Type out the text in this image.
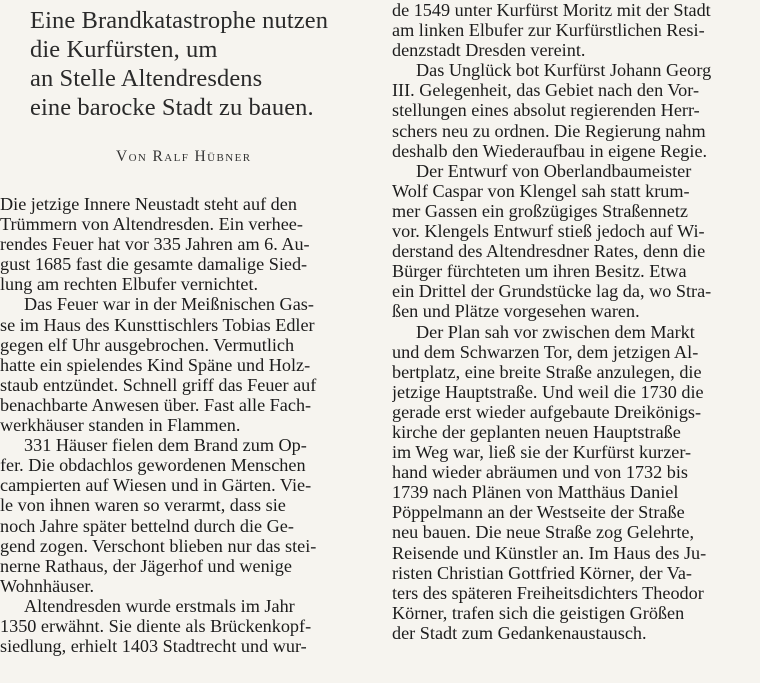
Eine Brandkatastrophe nutzen
die Kurfürsten, um
an Stelle Altendresdens
eine barocke Stadt zu bauen.
Von Ralf Hübner
Die jetzige Innere Neustadt steht auf den
Trümmern von Altendresden. Ein verhee-
rendes Feuer hat vor 335 Jahren am 6. Au-
gust 1685 fast die gesamte damalige Sied-
lung am rechten Elbufer vernichtet.
Das Feuer war in der Meißnischen Gas-
se im Haus des Kunsttischlers Tobias Edler
gegen elf Uhr ausgebrochen. Vermutlich
hatte ein spielendes Kind Späne und Holz-
staub entzündet. Schnell griff das Feuer auf
benachbarte Anwesen über. Fast alle Fach-
werkhäuser standen in Flammen.
331 Häuser fielen dem Brand zum Op-
fer. Die obdachlos gewordenen Menschen
campierten auf Wiesen und in Gärten. Vie-
le von ihnen waren so verarmt, dass sie
noch Jahre später bettelnd durch die Ge-
gend zogen. Verschont blieben nur das stei-
nerne Rathaus, der Jägerhof und wenige
Wohnhäuser.
Altendresden wurde erstmals im Jahr
1350 erwähnt. Sie diente als Brückenkopf-
siedlung, erhielt 1403 Stadtrecht und wur-
de 1549 unter Kurfürst Moritz mit der Stadt
am linken Elbufer zur Kurfürstlichen Resi-
denzstadt Dresden vereint.
Das Unglück bot Kurfürst Johann Georg
III. Gelegenheit, das Gebiet nach den Vor-
stellungen eines absolut regierenden Herr-
schers neu zu ordnen. Die Regierung nahm
deshalb den Wiederaufbau in eigene Regie.
Der Entwurf von Oberlandbaumeister
Wolf Caspar von Klengel sah statt krum-
mer Gassen ein großzügiges Straßennetz
vor. Klengels Entwurf stieß jedoch auf Wi-
derstand des Altendresdner Rates, denn die
Bürger fürchteten um ihren Besitz. Etwa
ein Drittel der Grundstücke lag da, wo Stra-
ßen und Plätze vorgesehen waren.
Der Plan sah vor zwischen dem Markt
und dem Schwarzen Tor, dem jetzigen Al-
bertplatz, eine breite Straße anzulegen, die
jetzige Hauptstraße. Und weil die 1730 die
gerade erst wieder aufgebaute Dreikönigs-
kirche der geplanten neuen Hauptstraße
im Weg war, ließ sie der Kurfürst kurzer-
hand wieder abräumen und von 1732 bis
1739 nach Plänen von Matthäus Daniel
Pöppelmann an der Westseite der Straße
neu bauen. Die neue Straße zog Gelehrte,
Reisende und Künstler an. Im Haus des Ju-
risten Christian Gottfried Körner, der Va-
ters des späteren Freiheitsdichters Theodor
Körner, trafen sich die geistigen Größen
der Stadt zum Gedankenaustausch.
